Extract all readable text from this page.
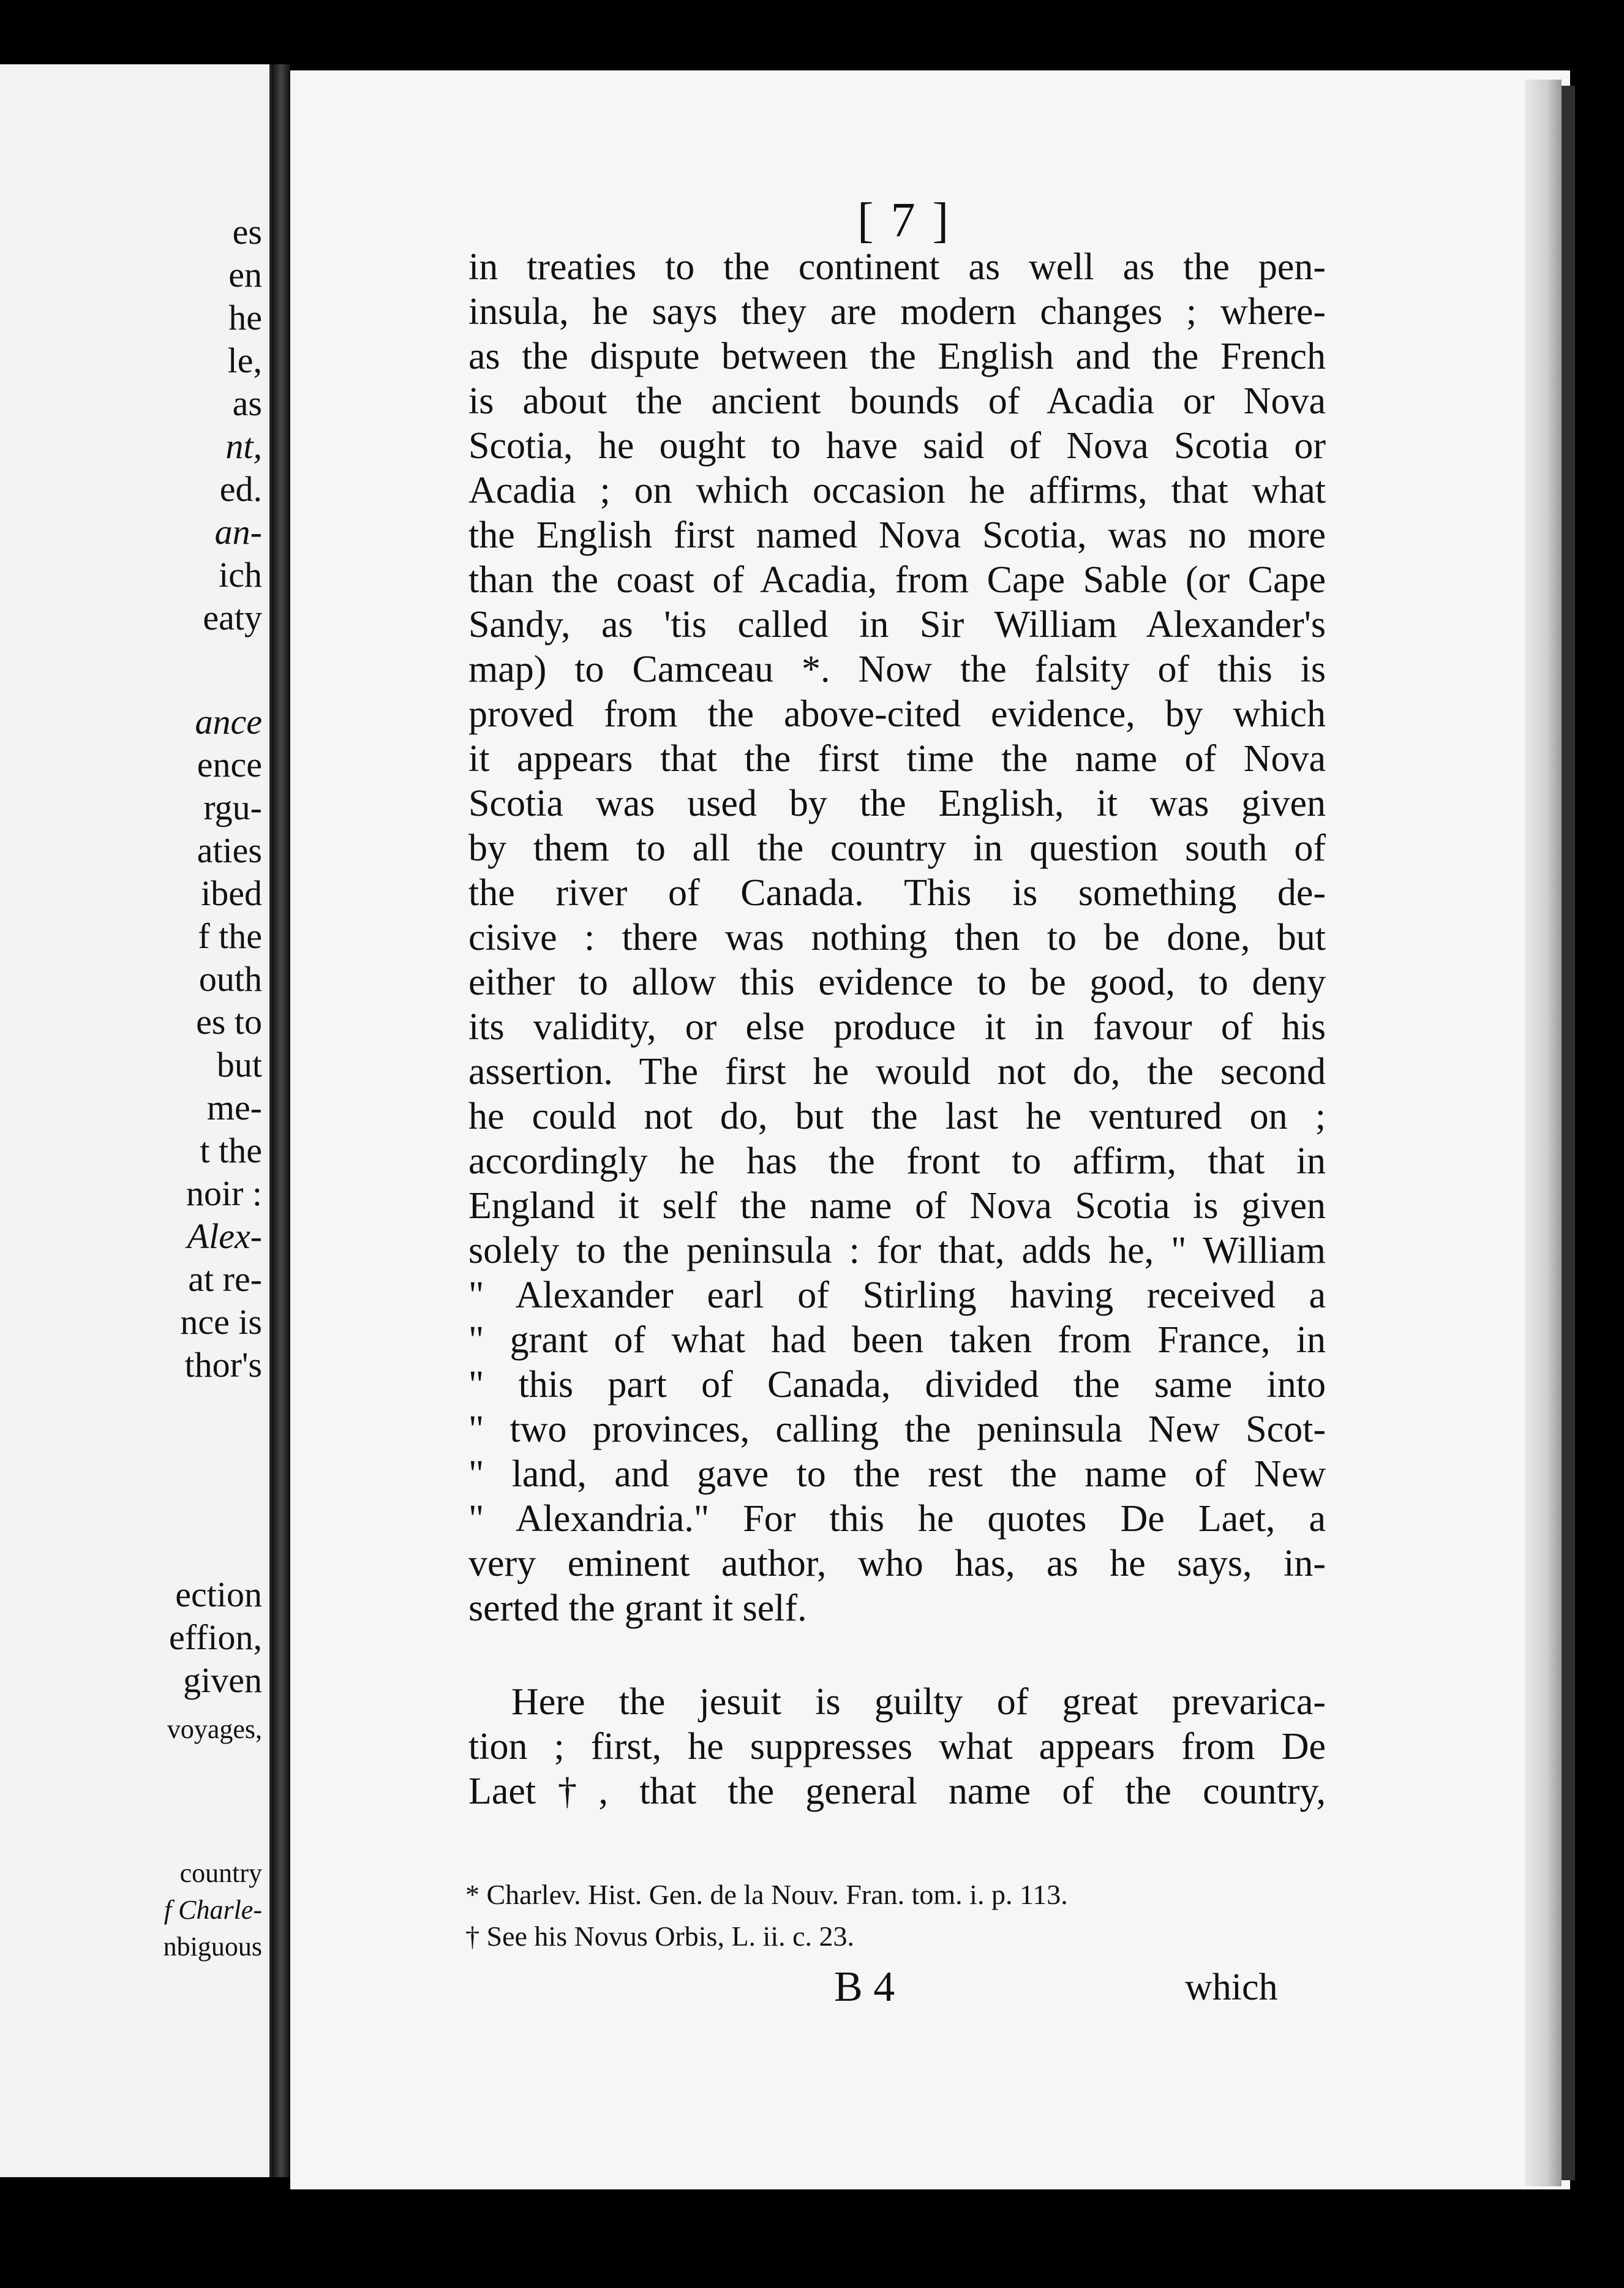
es
en
he
le,
as
nt,
ed.
an-
ich
eaty
ance
ence
rgu-
aties
ibed
f the
outh
es to
but
me-
t the
noir :
Alex-
at re-
nce is
thor's
ection
effion,
given
voyages,
country
f Charle-
nbiguous
[ 7 ]
in treaties to the continent as well as the pen-
insula, he says they are modern changes ; where-
as the dispute between the English and the French
is about the ancient bounds of Acadia or Nova
Scotia, he ought to have said of Nova Scotia or
Acadia ; on which occasion he affirms, that what
the English first named Nova Scotia, was no more
than the coast of Acadia, from Cape Sable (or Cape
Sandy, as 'tis called in Sir William Alexander's
map) to Camceau *. Now the falsity of this is
proved from the above-cited evidence, by which
it appears that the first time the name of Nova
Scotia was used by the English, it was given
by them to all the country in question south of
the river of Canada. This is something de-
cisive : there was nothing then to be done, but
either to allow this evidence to be good, to deny
its validity, or else produce it in favour of his
assertion. The first he would not do, the second
he could not do, but the last he ventured on ;
accordingly he has the front to affirm, that in
England it self the name of Nova Scotia is given
solely to the peninsula : for that, adds he, " William
" Alexander earl of Stirling having received a
" grant of what had been taken from France, in
" this part of Canada, divided the same into
" two provinces, calling the peninsula New Scot-
" land, and gave to the rest the name of New
" Alexandria." For this he quotes De Laet, a
very eminent author, who has, as he says, in-
serted the grant it self.
Here the jesuit is guilty of great prevarica-
tion ; first, he suppresses what appears from De
Laet†, that the general name of the country,
* Charlev. Hist. Gen. de la Nouv. Fran. tom. i. p. 113.
† See his Novus Orbis, L. ii. c. 23.
B 4	which
